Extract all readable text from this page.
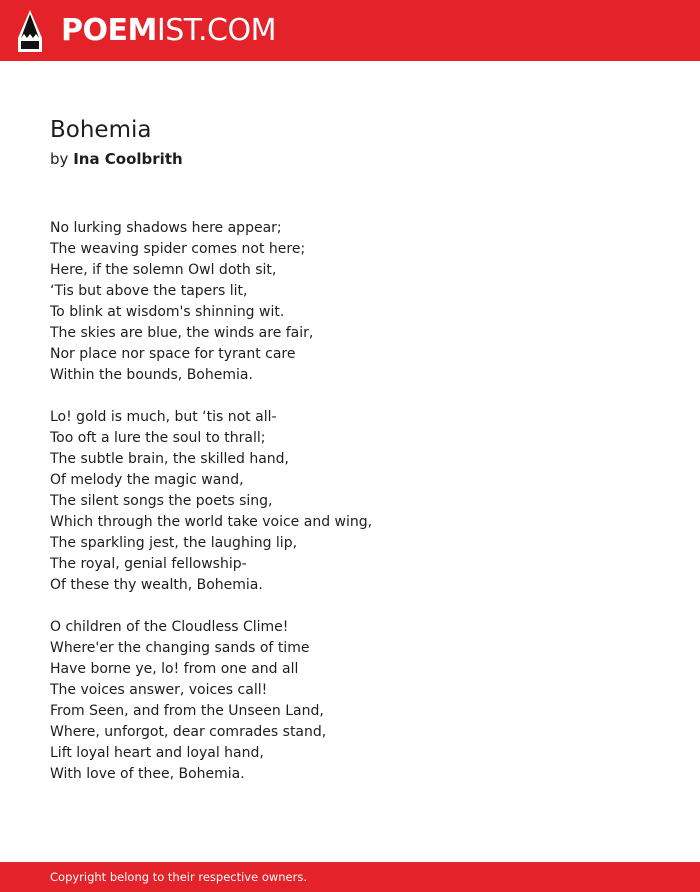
POEMIST.COM
Bohemia
by Ina Coolbrith
No lurking shadows here appear;
The weaving spider comes not here;
Here, if the solemn Owl doth sit,
‘Tis but above the tapers lit,
To blink at wisdom's shinning wit.
The skies are blue, the winds are fair,
Nor place nor space for tyrant care
Within the bounds, Bohemia.
Lo! gold is much, but ‘tis not all-
Too oft a lure the soul to thrall;
The subtle brain, the skilled hand,
Of melody the magic wand,
The silent songs the poets sing,
Which through the world take voice and wing,
The sparkling jest, the laughing lip,
The royal, genial fellowship-
Of these thy wealth, Bohemia.
O children of the Cloudless Clime!
Where'er the changing sands of time
Have borne ye, lo! from one and all
The voices answer, voices call!
From Seen, and from the Unseen Land,
Where, unforgot, dear comrades stand,
Lift loyal heart and loyal hand,
With love of thee, Bohemia.
Copyright belong to their respective owners.
